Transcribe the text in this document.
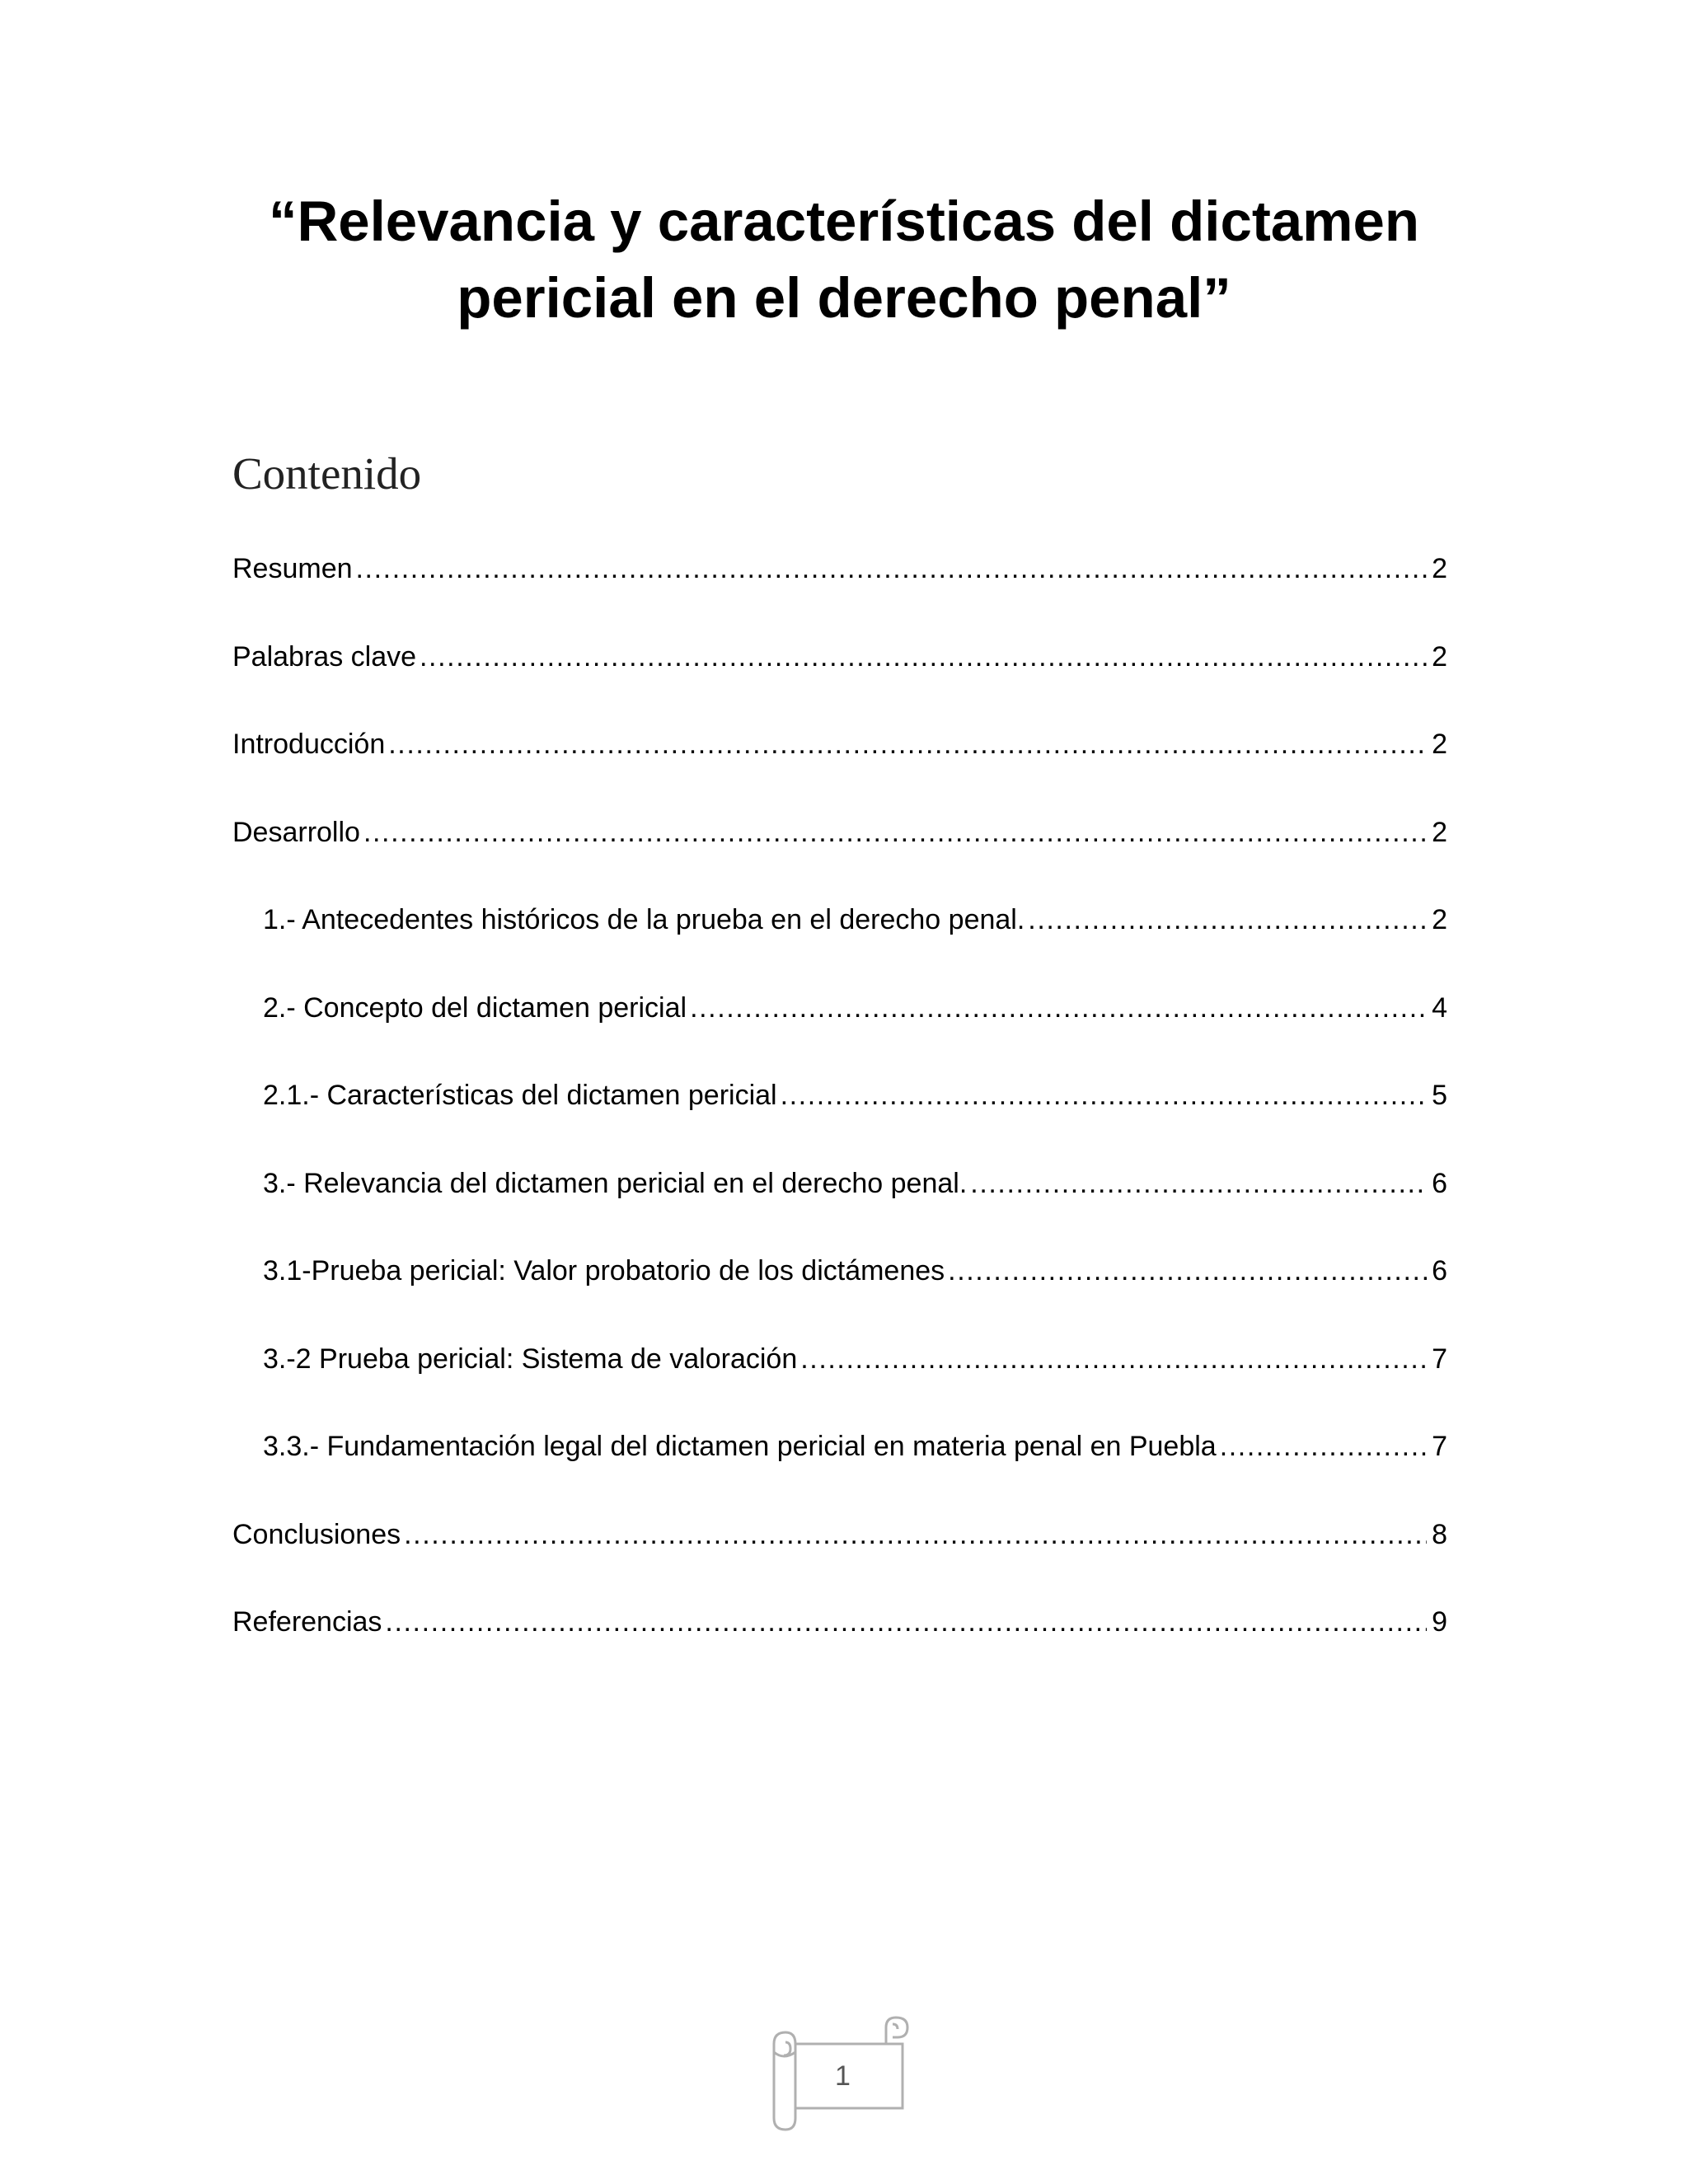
“Relevancia y características del dictamen
pericial en el derecho penal”
Contenido
Resumen .....	2
Palabras clave .....	2
Introducción .....	2
Desarrollo .....	2
1.- Antecedentes históricos de la prueba en el derecho penal. .....	2
2.- Concepto del dictamen pericial .....	4
2.1.- Características del dictamen pericial .....	5
3.- Relevancia del dictamen pericial en el derecho penal. .....	6
3.1-Prueba pericial: Valor probatorio de los dictámenes .....	6
3.-2 Prueba pericial: Sistema de valoración .....	7
3.3.- Fundamentación legal del dictamen pericial en materia penal en Puebla .....	7
Conclusiones .....	8
Referencias .....	9
1
